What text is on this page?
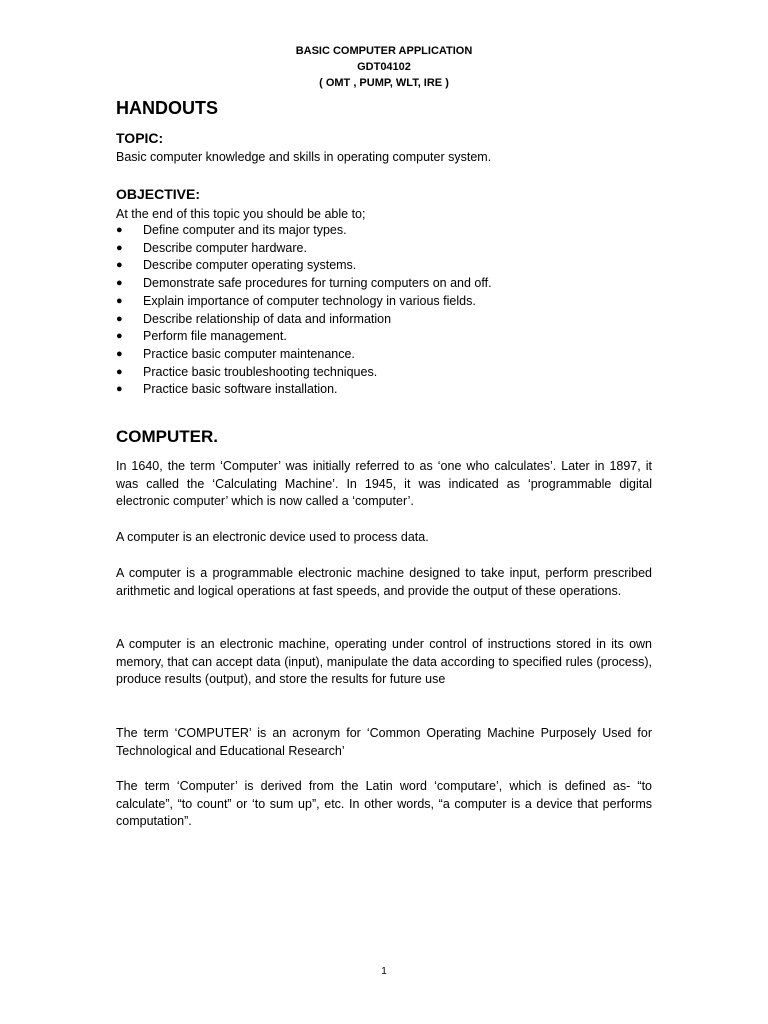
BASIC COMPUTER APPLICATION
GDT04102
( OMT , PUMP, WLT, IRE )
HANDOUTS
TOPIC:
Basic computer knowledge and skills in operating computer system.
OBJECTIVE:
At the end of this topic you should be able to;
● Define computer and its major types.
● Describe computer hardware.
● Describe computer operating systems.
● Demonstrate safe procedures for turning computers on and off.
● Explain importance of computer technology in various fields.
● Describe relationship of data and information
● Perform file management.
● Practice basic computer maintenance.
● Practice basic troubleshooting techniques.
● Practice basic software installation.
COMPUTER.

In 1640, the term ‘Computer’ was initially referred to as ‘one who calculates’. Later in 1897, it was called the ‘Calculating Machine’. In 1945, it was indicated as ‘programmable digital electronic computer’ which is now called a ‘computer’.

A computer is an electronic device used to process data.

A computer is a programmable electronic machine designed to take input, perform prescribed arithmetic and logical operations at fast speeds, and provide the output of these operations.

A computer is an electronic machine, operating under control of instructions stored in its own memory, that can accept data (input), manipulate the data according to specified rules (process), produce results (output), and store the results for future use

The term ‘COMPUTER’ is an acronym for ‘Common Operating Machine Purposely Used for Technological and Educational Research’

The term ‘Computer’ is derived from the Latin word ‘computare’, which is defined as- “to calculate”, “to count” or ‘to sum up”, etc. In other words, “a computer is a device that performs computation”.

1
